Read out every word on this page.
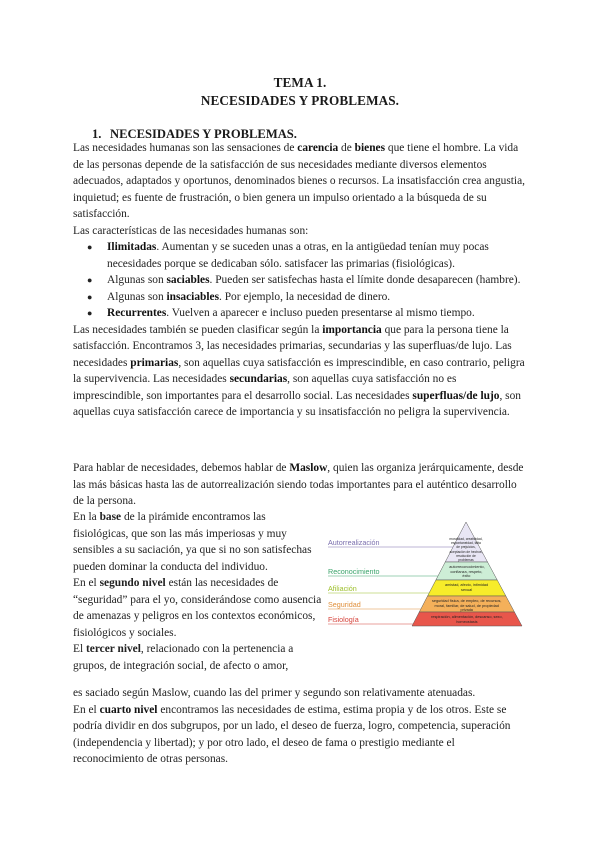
TEMA 1.
NECESIDADES Y PROBLEMAS.
1. NECESIDADES Y PROBLEMAS.

Las necesidades humanas son las sensaciones de carencia de bienes que tiene el hombre. La vida de las personas depende de la satisfacción de sus necesidades mediante diversos elementos adecuados, adaptados y oportunos, denominados bienes o recursos. La insatisfacción crea angustia, inquietud; es fuente de frustración, o bien genera un impulso orientado a la búsqueda de su satisfacción.

Las características de las necesidades humanas son:

● Ilimitadas. Aumentan y se suceden unas a otras, en la antigüedad tenían muy pocas necesidades porque se dedicaban sólo. satisfacer las primarias (fisiológicas).
● Algunas son saciables. Pueden ser satisfechas hasta el límite donde desaparecen (hambre).
● Algunas son insaciables. Por ejemplo, la necesidad de dinero.
● Recurrentes. Vuelven a aparecer e incluso pueden presentarse al mismo tiempo.

Las necesidades también se pueden clasificar según la importancia que para la persona tiene la satisfacción. Encontramos 3, las necesidades primarias, secundarias y las superfluas/de lujo. Las necesidades primarias, son aquellas cuya satisfacción es imprescindible, en caso contrario, peligra la supervivencia. Las necesidades secundarias, son aquellas cuya satisfacción no es imprescindible, son importantes para el desarrollo social. Las necesidades superfluas/de lujo, son aquellas cuya satisfacción carece de importancia y su insatisfacción no peligra la supervivencia.

Para hablar de necesidades, debemos hablar de Maslow, quien las organiza jerárquicamente, desde las más básicas hasta las de autorrealización siendo todas importantes para el auténtico desarrollo de la persona.

En la base de la pirámide encontramos las fisiológicas, que son las más imperiosas y muy sensibles a su saciación, ya que si no son satisfechas pueden dominar la conducta del individuo.

En el segundo nivel están las necesidades de “seguridad” para el yo, considerándose como ausencia de amenazas y peligros en los contextos económicos, fisiológicos y sociales.

El tercer nivel, relacionado con la pertenencia a grupos, de integración social, de afecto o amor,

es saciado según Maslow, cuando las del primer y segundo son relativamente atenuadas.

En el cuarto nivel encontramos las necesidades de estima, estima propia y de los otros. Este se podría dividir en dos subgrupos, por un lado, el deseo de fuerza, logro, competencia, superación (independencia y libertad); y por otro lado, el deseo de fama o prestigio mediante el reconocimiento de otras personas.

Autorrealización	moralidad, creatividad, espontaneidad, falta de prejuicios, aceptación de hechos, resolución de problemas
Reconocimiento	autorreconocimiento, confianza, respeto, éxito
Afiliación	amistad, afecto, intimidad sexual
Seguridad	seguridad física, de empleo, de recursos, moral, familiar, de salud, de propiedad privada
Fisiología	respiración, alimentación, descanso, sexo, homeostasis
